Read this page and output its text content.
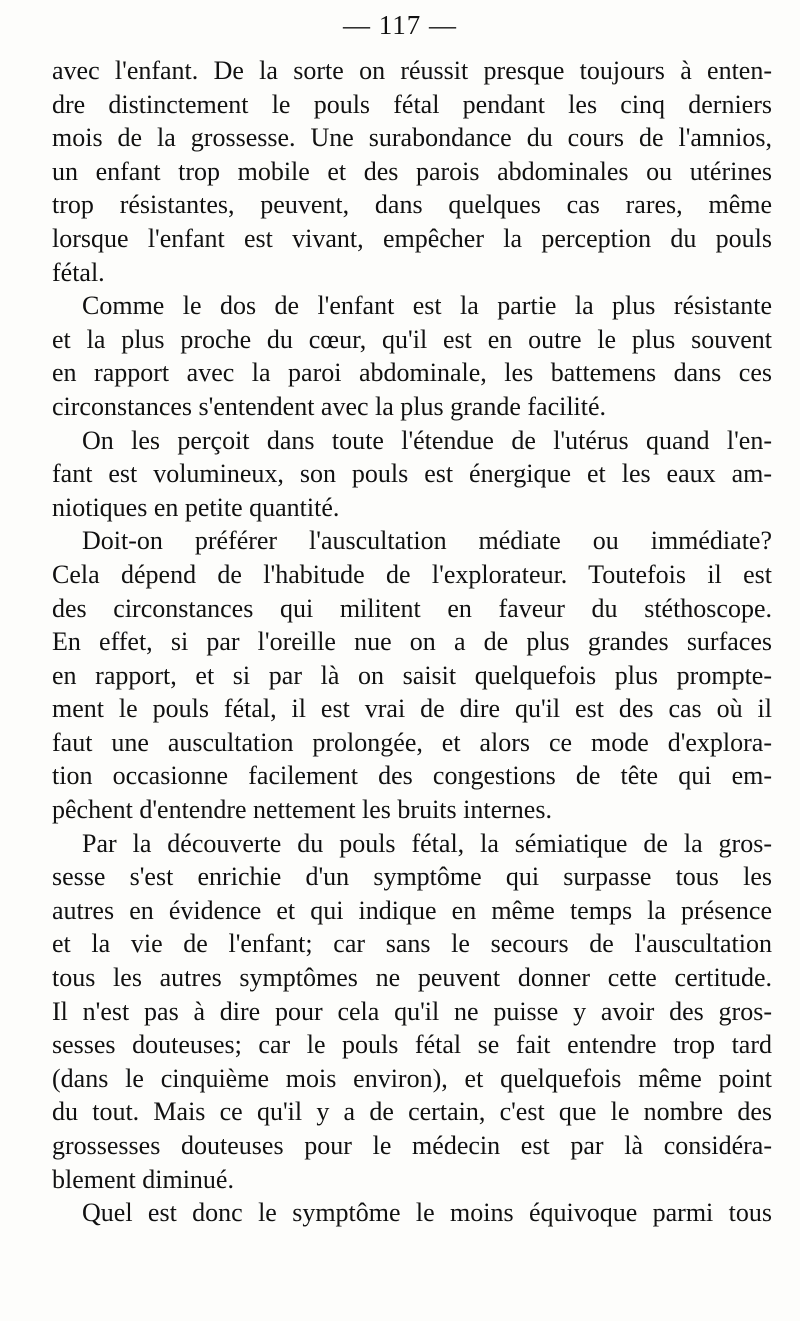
— 117 —

avec l'enfant. De la sorte on réussit presque toujours à enten-
dre distinctement le pouls fétal pendant les cinq derniers
mois de la grossesse. Une surabondance du cours de l'amnios,
un enfant trop mobile et des parois abdominales ou utérines
trop résistantes, peuvent, dans quelques cas rares, même
lorsque l'enfant est vivant, empêcher la perception du pouls
fétal.

Comme le dos de l'enfant est la partie la plus résistante
et la plus proche du cœur, qu'il est en outre le plus souvent
en rapport avec la paroi abdominale, les battemens dans ces
circonstances s'entendent avec la plus grande facilité.

On les perçoit dans toute l'étendue de l'utérus quand l'en-
fant est volumineux, son pouls est énergique et les eaux am-
niotiques en petite quantité.

Doit-on préférer l'auscultation médiate ou immédiate?
Cela dépend de l'habitude de l'explorateur. Toutefois il est
des circonstances qui militent en faveur du stéthoscope.
En effet, si par l'oreille nue on a de plus grandes surfaces
en rapport, et si par là on saisit quelquefois plus prompte-
ment le pouls fétal, il est vrai de dire qu'il est des cas où il
faut une auscultation prolongée, et alors ce mode d'explora-
tion occasionne facilement des congestions de tête qui em-
pêchent d'entendre nettement les bruits internes.

Par la découverte du pouls fétal, la sémiatique de la gros-
sesse s'est enrichie d'un symptôme qui surpasse tous les
autres en évidence et qui indique en même temps la présence
et la vie de l'enfant; car sans le secours de l'auscultation
tous les autres symptômes ne peuvent donner cette certitude.
Il n'est pas à dire pour cela qu'il ne puisse y avoir des gros-
sesses douteuses; car le pouls fétal se fait entendre trop tard
(dans le cinquième mois environ), et quelquefois même point
du tout. Mais ce qu'il y a de certain, c'est que le nombre des
grossesses douteuses pour le médecin est par là considéra-
blement diminué.

Quel est donc le symptôme le moins équivoque parmi tous
